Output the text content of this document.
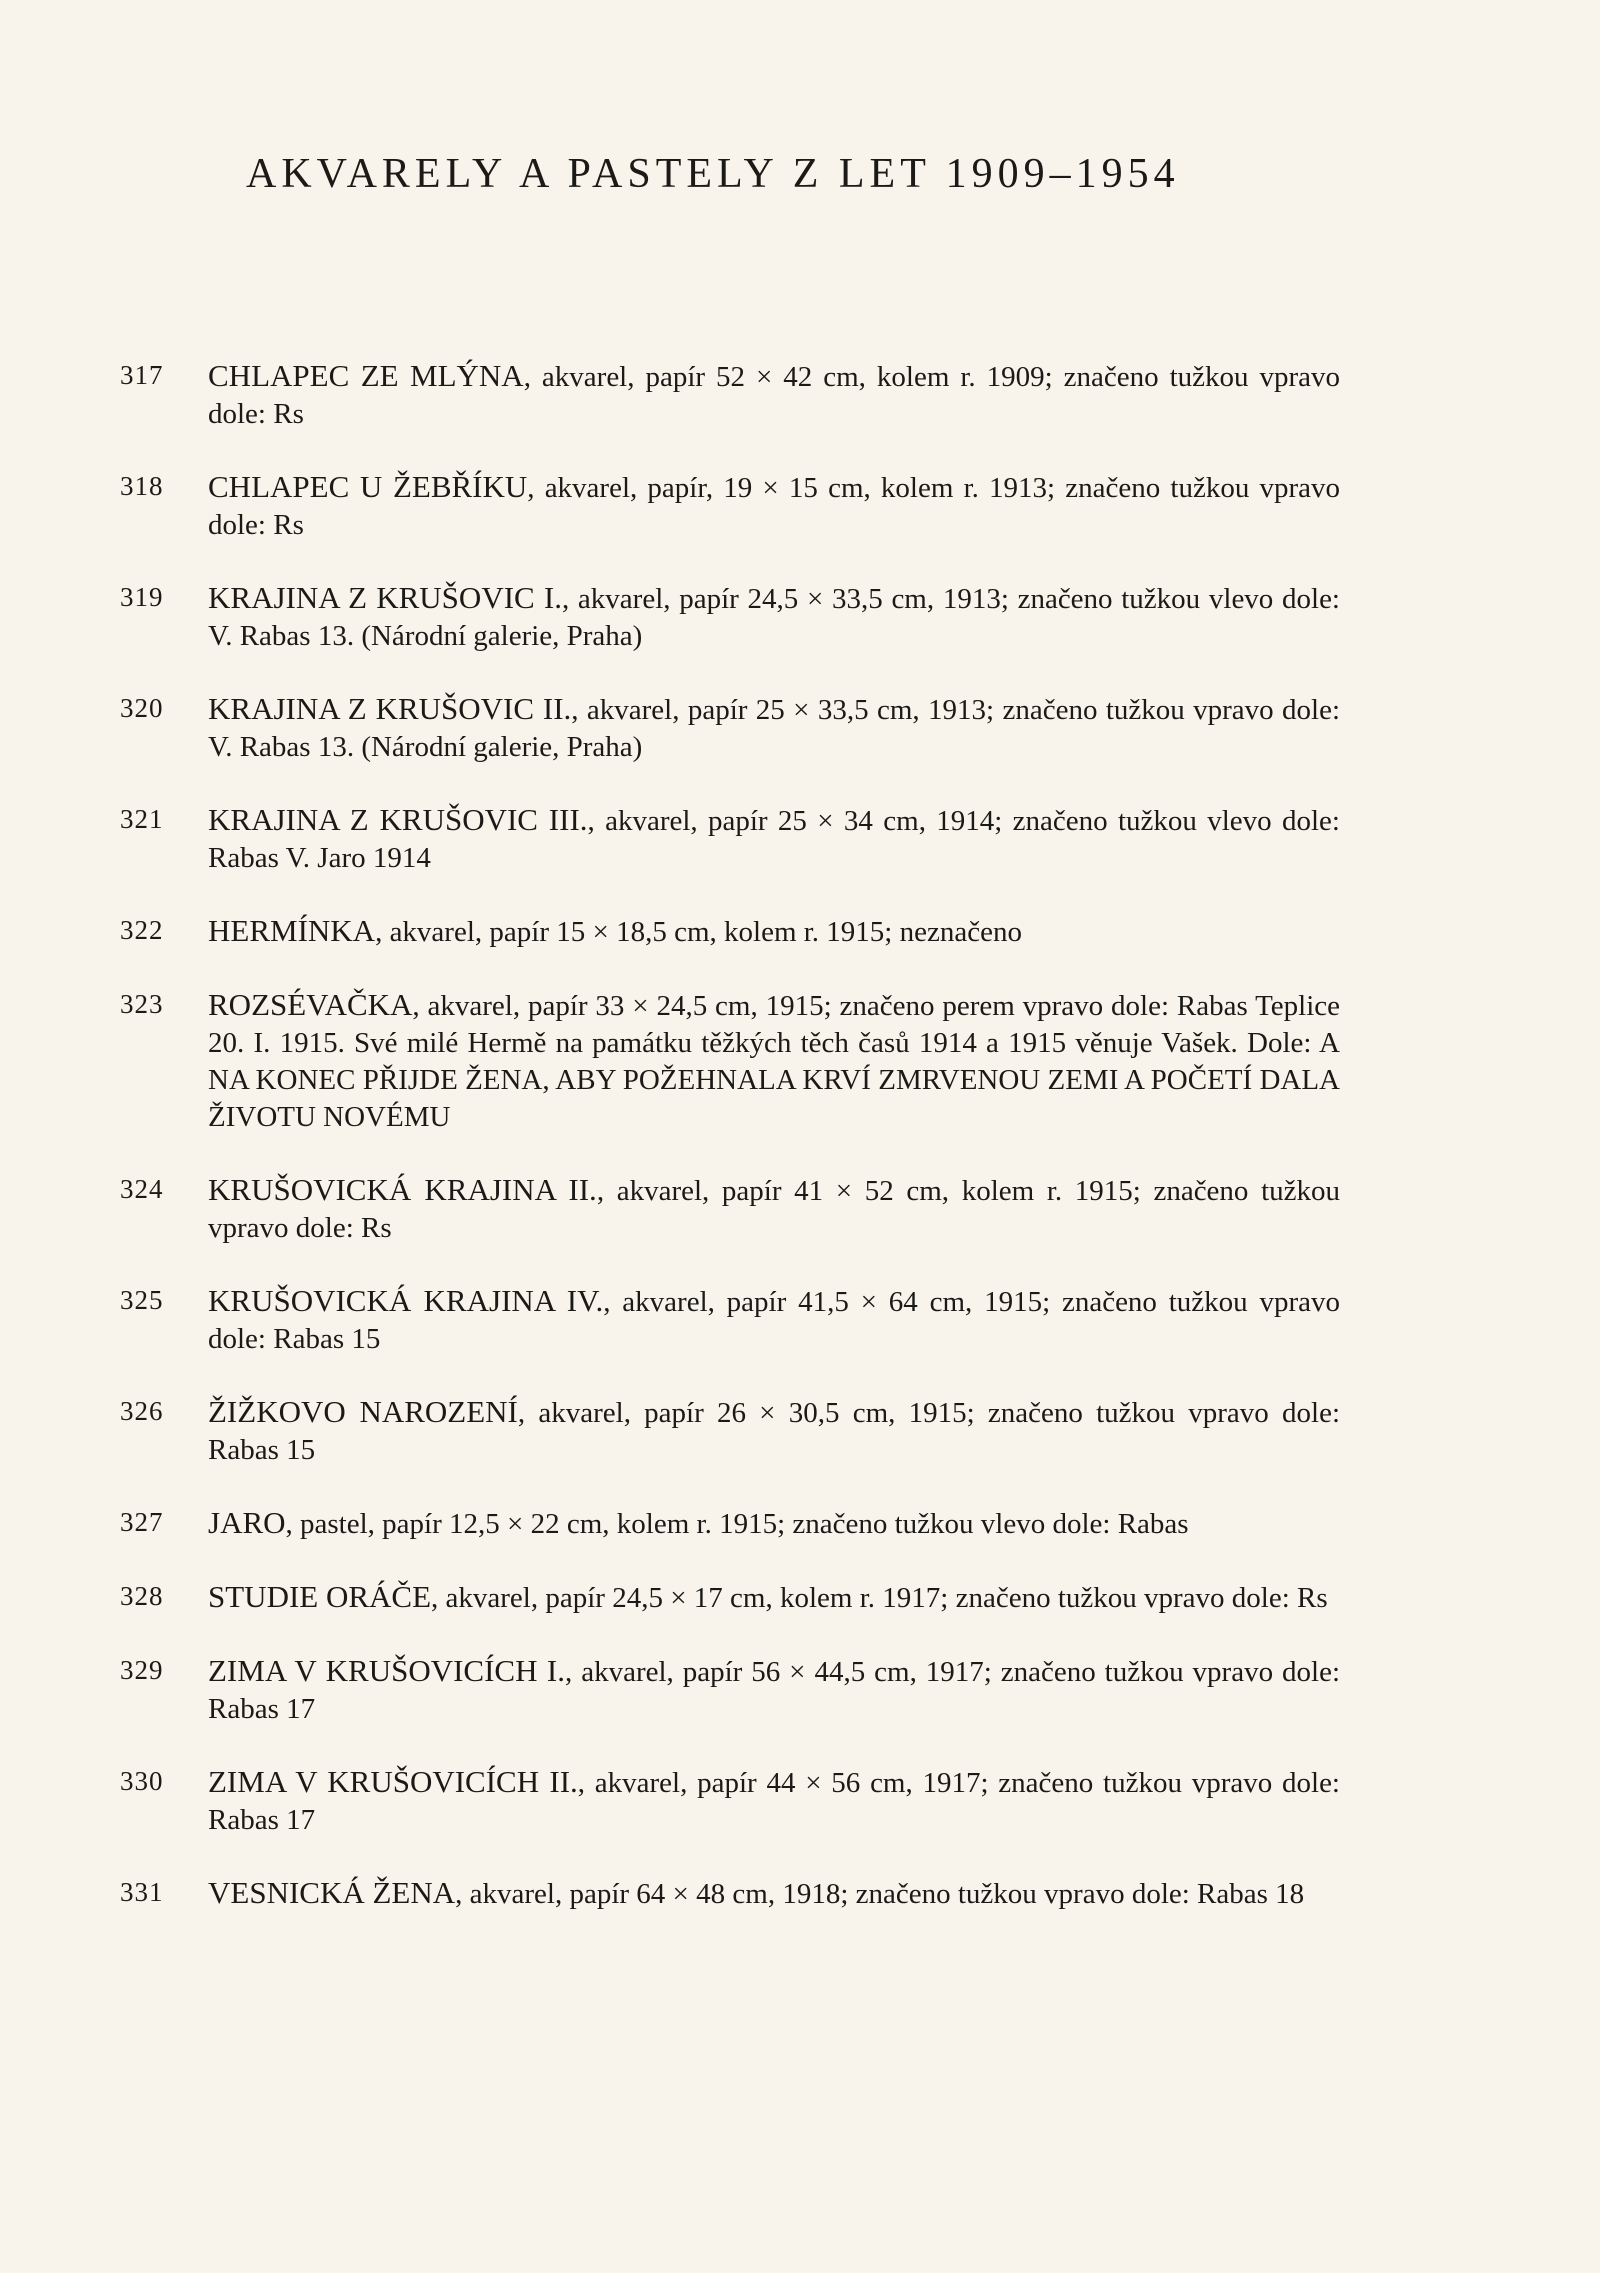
AKVARELY A PASTELY Z LET 1909–1954
317 CHLAPEC ZE MLÝNA, akvarel, papír 52 × 42 cm, kolem r. 1909; značeno tužkou vpravo dole: Rs
318 CHLAPEC U ŽEBŘÍKU, akvarel, papír, 19 × 15 cm, kolem r. 1913; značeno tužkou vpravo dole: Rs
319 KRAJINA Z KRUŠOVIC I., akvarel, papír 24,5 × 33,5 cm, 1913; značeno tužkou vlevo dole: V. Rabas 13. (Národní galerie, Praha)
320 KRAJINA Z KRUŠOVIC II., akvarel, papír 25 × 33,5 cm, 1913; značeno tužkou vpravo dole: V. Rabas 13. (Národní galerie, Praha)
321 KRAJINA Z KRUŠOVIC III., akvarel, papír 25 × 34 cm, 1914; značeno tužkou vlevo dole: Rabas V. Jaro 1914
322 HERMÍNKA, akvarel, papír 15 × 18,5 cm, kolem r. 1915; neznačeno
323 ROZSÉVAČKA, akvarel, papír 33 × 24,5 cm, 1915; značeno perem vpravo dole: Rabas Teplice 20. I. 1915. Své milé Hermě na památku těžkých těch časů 1914 a 1915 věnuje Vašek. Dole: A NA KONEC PŘIJDE ŽENA, ABY POŽEHNALA KRVÍ ZMRVENOU ZEMI A POČETÍ DALA ŽIVOTU NOVÉMU
324 KRUŠOVICKÁ KRAJINA II., akvarel, papír 41 × 52 cm, kolem r. 1915; značeno tužkou vpravo dole: Rs
325 KRUŠOVICKÁ KRAJINA IV., akvarel, papír 41,5 × 64 cm, 1915; značeno tužkou vpravo dole: Rabas 15
326 ŽIŽKOVO NAROZENÍ, akvarel, papír 26 × 30,5 cm, 1915; značeno tužkou vpravo dole: Rabas 15
327 JARO, pastel, papír 12,5 × 22 cm, kolem r. 1915; značeno tužkou vlevo dole: Rabas
328 STUDIE ORÁČE, akvarel, papír 24,5 × 17 cm, kolem r. 1917; značeno tužkou vpravo dole: Rs
329 ZIMA V KRUŠOVICÍCH I., akvarel, papír 56 × 44,5 cm, 1917; značeno tužkou vpravo dole: Rabas 17
330 ZIMA V KRUŠOVICÍCH II., akvarel, papír 44 × 56 cm, 1917; značeno tužkou vpravo dole: Rabas 17
331 VESNICKÁ ŽENA, akvarel, papír 64 × 48 cm, 1918; značeno tužkou vpravo dole: Rabas 18
